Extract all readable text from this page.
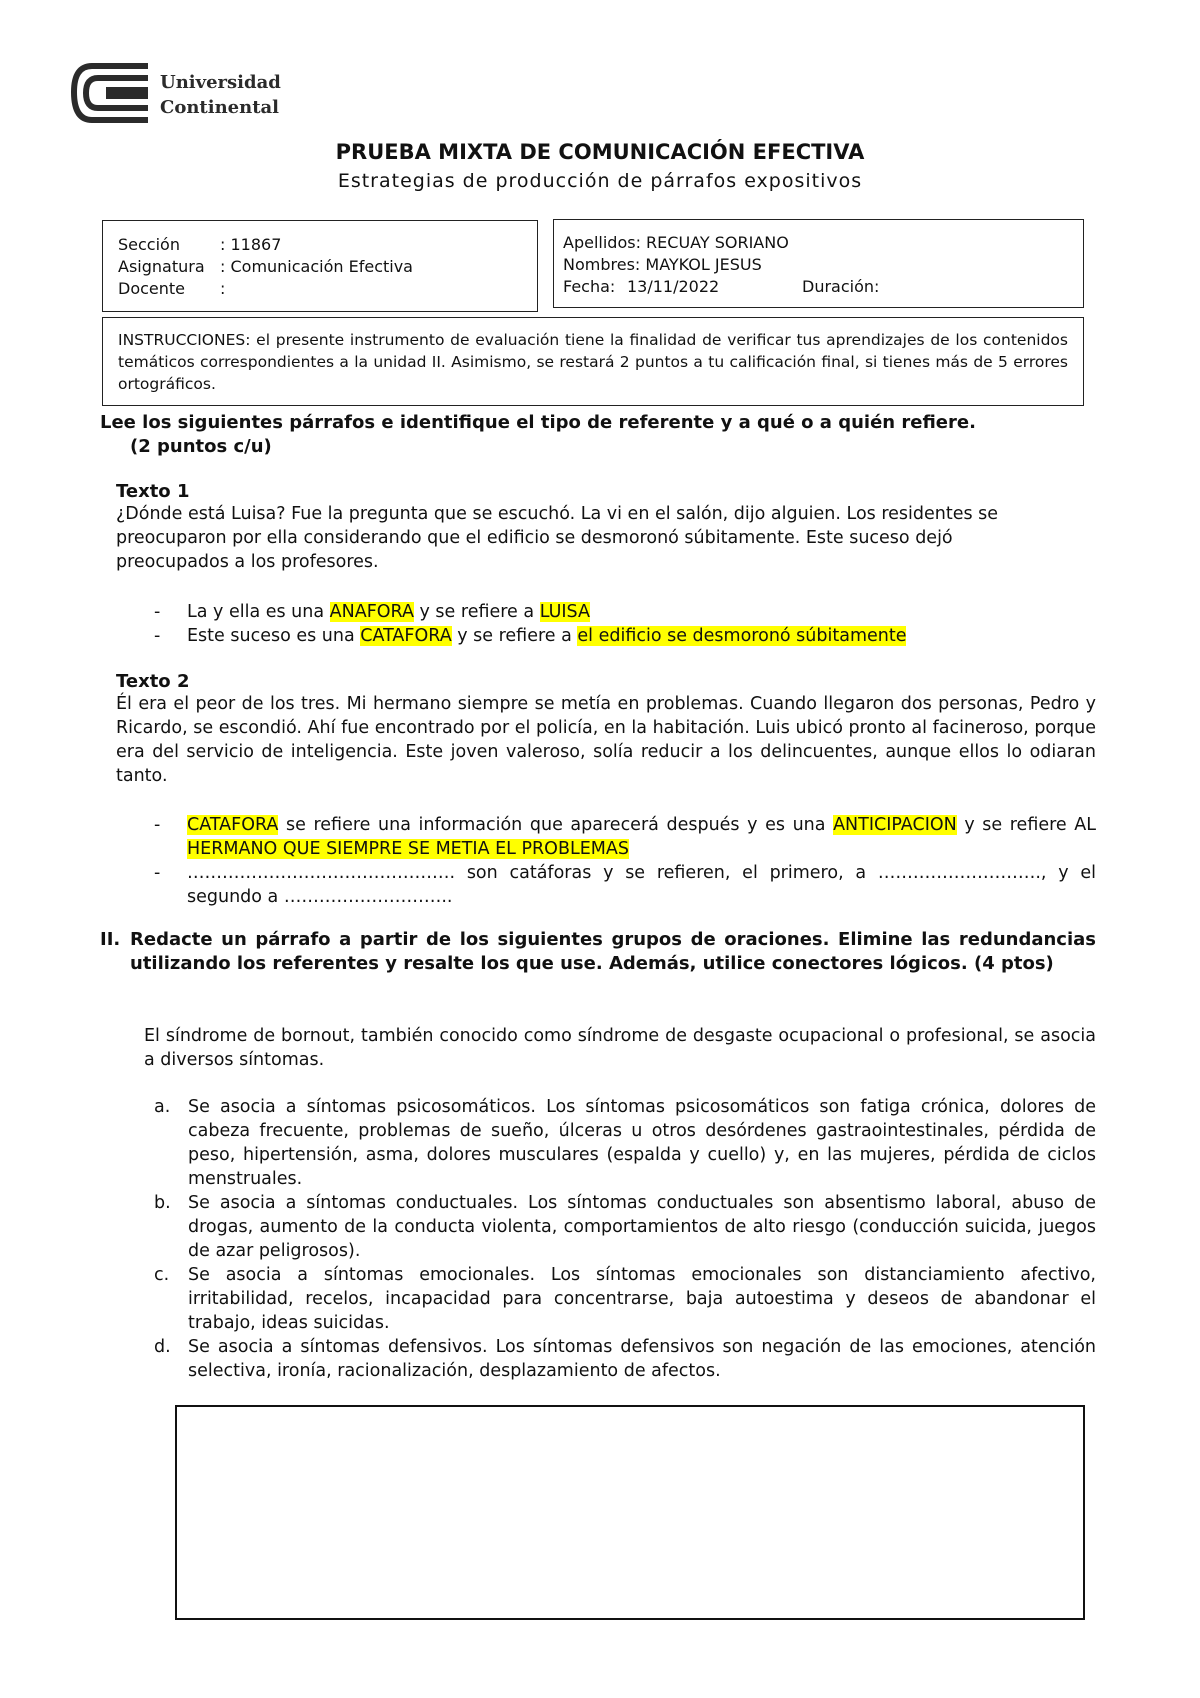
Universidad
Continental
PRUEBA MIXTA DE COMUNICACIÓN EFECTIVA
Estrategias de producción de párrafos expositivos
Sección	: 11867
Asignatura : Comunicación Efectiva
Docente :
Apellidos: RECUAY SORIANO
Nombres: MAYKOL JESUS
Fecha: 13/11/2022	Duración:
INSTRUCCIONES: el presente instrumento de evaluación tiene la finalidad de verificar tus aprendizajes de los contenidos temáticos correspondientes a la unidad II. Asimismo, se restará 2 puntos a tu calificación final, si tienes más de 5 errores ortográficos.
Lee los siguientes párrafos e identifique el tipo de referente y a qué o a quién refiere.
(2 puntos c/u)
Texto 1
¿Dónde está Luisa? Fue la pregunta que se escuchó. La vi en el salón, dijo alguien. Los residentes se preocuparon por ella considerando que el edificio se desmoronó súbitamente. Este suceso dejó preocupados a los profesores.
-	La y ella es una ANAFORA y se refiere a LUISA
-	Este suceso es una CATAFORA y se refiere a el edificio se desmoronó súbitamente
Texto 2
Él era el peor de los tres. Mi hermano siempre se metía en problemas. Cuando llegaron dos personas, Pedro y Ricardo, se escondió. Ahí fue encontrado por el policía, en la habitación. Luis ubicó pronto al facineroso, porque era del servicio de inteligencia. Este joven valeroso, solía reducir a los delincuentes, aunque ellos lo odiaran tanto.
-	CATAFORA se refiere una información que aparecerá después y es una ANTICIPACION y se refiere AL HERMANO QUE SIEMPRE SE METIA EL PROBLEMAS
-	………………………………………. son catáforas y se refieren, el primero, a ………………………., y el segundo a ………………………..
II. Redacte un párrafo a partir de los siguientes grupos de oraciones. Elimine las redundancias utilizando los referentes y resalte los que use. Además, utilice conectores lógicos. (4 ptos)
El síndrome de bornout, también conocido como síndrome de desgaste ocupacional o profesional, se asocia a diversos síntomas.
a.	Se asocia a síntomas psicosomáticos. Los síntomas psicosomáticos son fatiga crónica, dolores de cabeza frecuente, problemas de sueño, úlceras u otros desórdenes gastraointestinales, pérdida de peso, hipertensión, asma, dolores musculares (espalda y cuello) y, en las mujeres, pérdida de ciclos menstruales.
b. Se asocia a síntomas conductuales. Los síntomas conductuales son absentismo laboral, abuso de drogas, aumento de la conducta violenta, comportamientos de alto riesgo (conducción suicida, juegos de azar peligrosos).
c.	Se asocia a síntomas emocionales. Los síntomas emocionales son distanciamiento afectivo, irritabilidad, recelos, incapacidad para concentrarse, baja autoestima y deseos de abandonar el trabajo, ideas suicidas.
d. Se asocia a síntomas defensivos. Los síntomas defensivos son negación de las emociones, atención selectiva, ironía, racionalización, desplazamiento de afectos.
